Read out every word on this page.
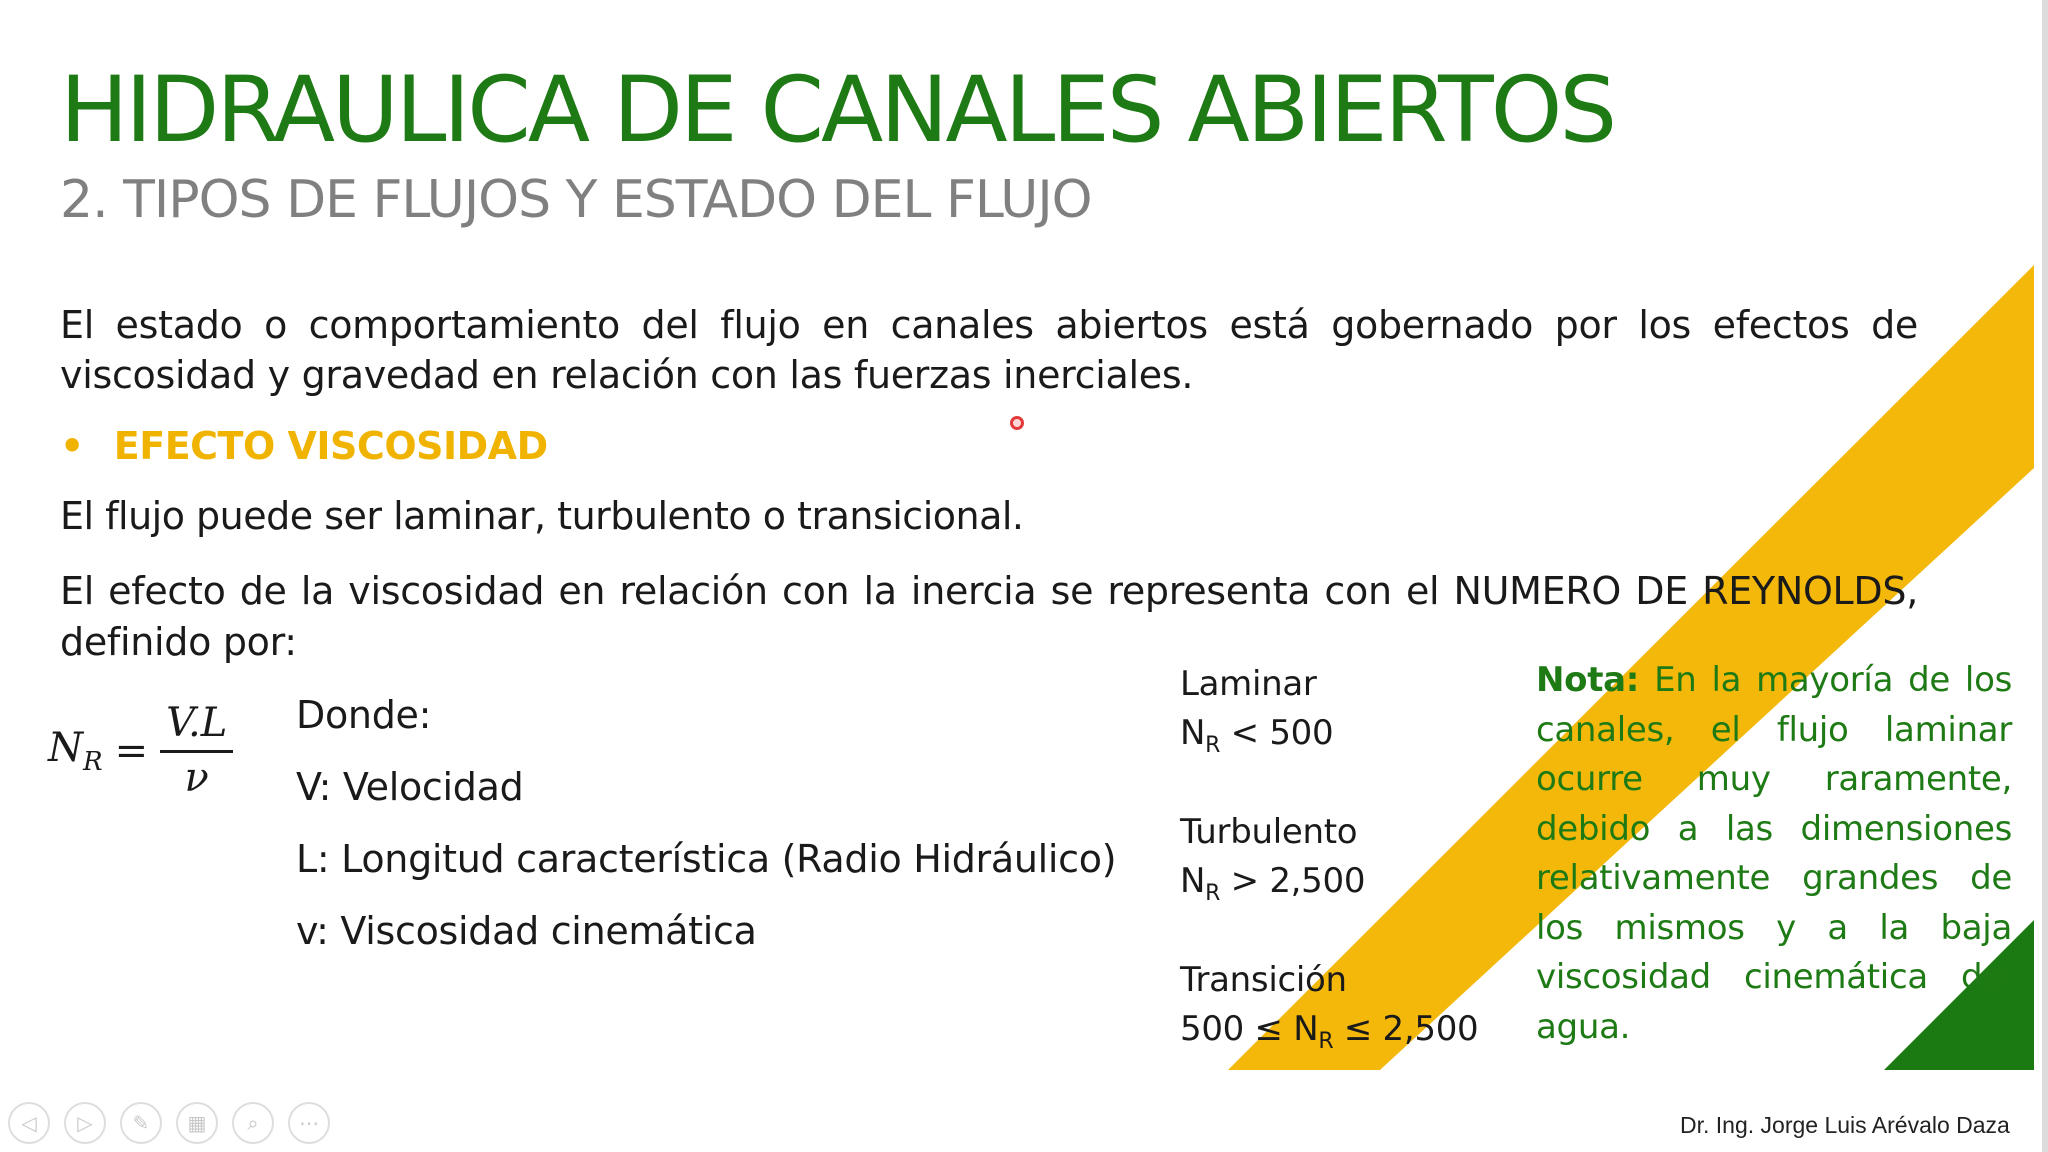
HIDRAULICA DE CANALES ABIERTOS
2. TIPOS DE FLUJOS Y ESTADO DEL FLUJO
El estado o comportamiento del flujo en canales abiertos está gobernado por los efectos de viscosidad y gravedad en relación con las fuerzas inerciales.
• EFECTO VISCOSIDAD
El flujo puede ser laminar, turbulento o transicional.
El efecto de la viscosidad en relación con la inercia se representa con el NUMERO DE REYNOLDS, definido por:
$N_R = \frac{V.L}{\nu}$ Donde:
V: Velocidad
L: Longitud característica (Radio Hidráulico)
v: Viscosidad cinemática
Laminar
$N_R < 500$
Turbulento
$N_R > 2,500$
Transición
$500 \le N_R \le 2,500$
Nota: En la mayoría de los canales, el flujo laminar ocurre muy raramente, debido a las dimensiones relativamente grandes de los mismos y a la baja viscosidad cinemática del agua.
◁	▷	✎	▦	⌕	⋯	Dr. Ing. Jorge Luis Arévalo Daza
